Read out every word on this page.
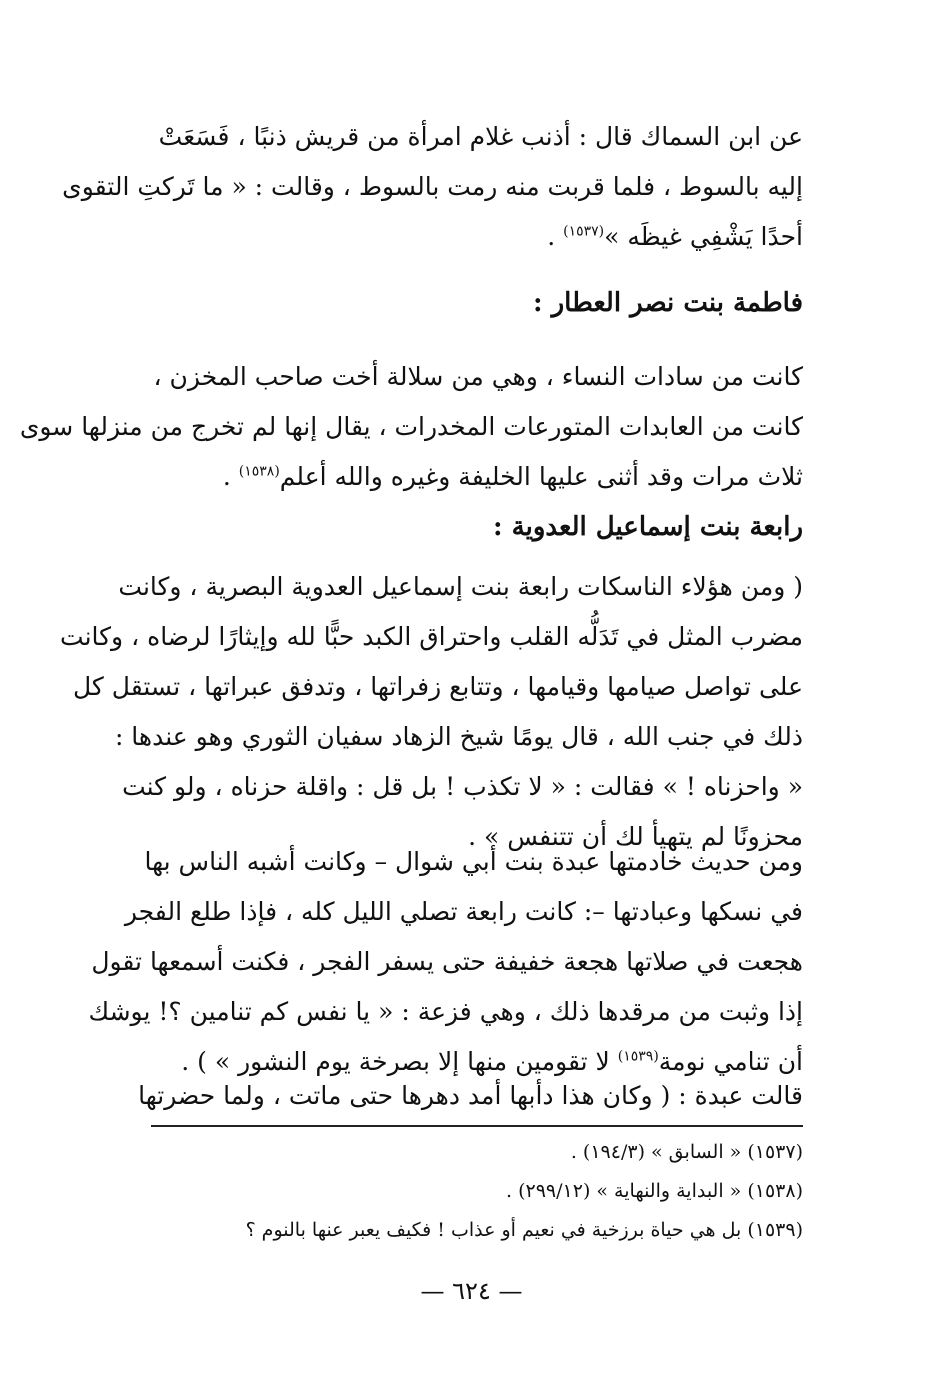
عن ابن السماك قال : أذنب غلام امرأة من قريش ذنبًا ، فَسَعَتْ
إليه بالسوط ، فلما قربت منه رمت بالسوط ، وقالت : « ما تَركتِ التقوى
أحدًا يَشْفِي غيظَه »$^{(١٥٣٧)}$ .
فاطمة بنت نصر العطار :
كانت من سادات النساء ، وهي من سلالة أخت صاحب المخزن ،
كانت من العابدات المتورعات المخدرات ، يقال إنها لم تخرج من منزلها سوى
ثلاث مرات وقد أثنى عليها الخليفة وغيره والله أعلم$^{(١٥٣٨)}$ .
رابعة بنت إسماعيل العدوية :
( ومن هؤلاء الناسكات رابعة بنت إسماعيل العدوية البصرية ، وكانت
مضرب المثل في تَدَلُّه القلب واحتراق الكبد حبًّا لله وإيثارًا لرضاه ، وكانت
على تواصل صيامها وقيامها ، وتتابع زفراتها ، وتدفق عبراتها ، تستقل كل
ذلك في جنب الله ، قال يومًا شيخ الزهاد سفيان الثوري وهو عندها :
« واحزناه ! » فقالت : « لا تكذب ! بل قل : واقلة حزناه ، ولو كنت
محزونًا لم يتهيأ لك أن تتنفس » .
ومن حديث خادمتها عبدة بنت أبي شوال – وكانت أشبه الناس بها
في نسكها وعبادتها –: كانت رابعة تصلي الليل كله ، فإذا طلع الفجر
هجعت في صلاتها هجعة خفيفة حتى يسفر الفجر ، فكنت أسمعها تقول
إذا وثبت من مرقدها ذلك ، وهي فزعة : « يا نفس كم تنامين ؟! يوشك
أن تنامي نومة$^{(١٥٣٩)}$ لا تقومين منها إلا بصرخة يوم النشور » ) .
قالت عبدة : ( وكان هذا دأبها أمد دهرها حتى ماتت ، ولما حضرتها
(١٥٣٧) « السابق » (١٩٤/٣) .
(١٥٣٨) « البداية والنهاية » (٢٩٩/١٢) .
(١٥٣٩) بل هي حياة برزخية في نعيم أو عذاب ! فكيف يعبر عنها بالنوم ؟
— ٦٢٤ —
